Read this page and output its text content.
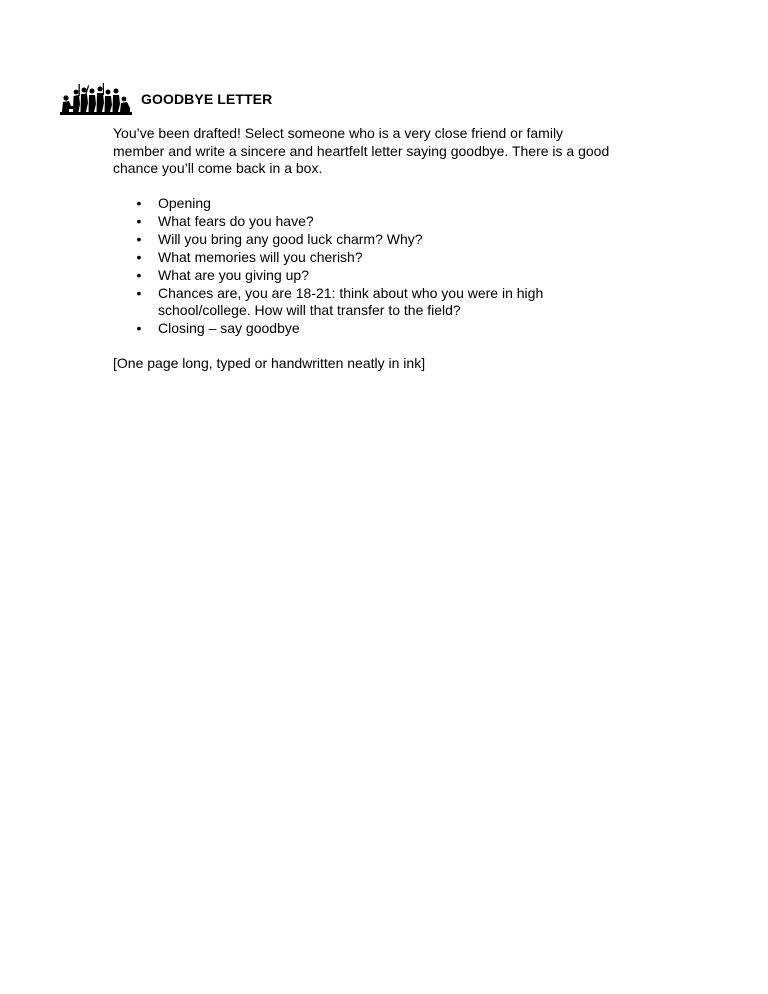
GOODBYE LETTER

You’ve been drafted! Select someone who is a very close friend or family
member and write a sincere and heartfelt letter saying goodbye. There is a good
chance you’ll come back in a box.

• Opening
• What fears do you have?
• Will you bring any good luck charm? Why?
• What memories will you cherish?
• What are you giving up?
• Chances are, you are 18-21: think about who you were in high
school/college. How will that transfer to the field?
• Closing – say goodbye

[One page long, typed or handwritten neatly in ink]
